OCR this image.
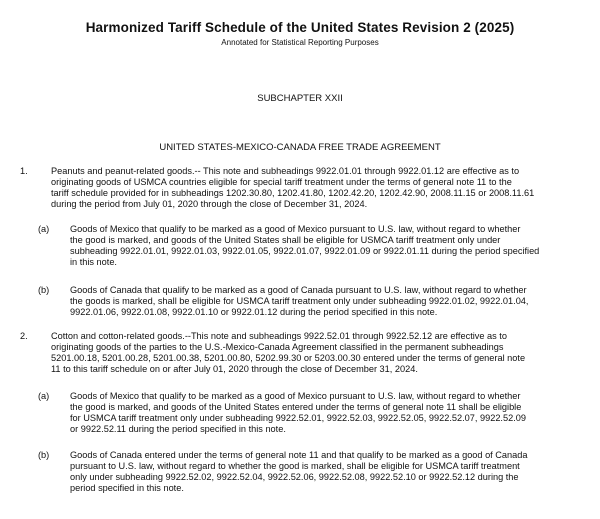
Harmonized Tariff Schedule of the United States Revision 2 (2025)
Annotated for Statistical Reporting Purposes
SUBCHAPTER XXII
UNITED STATES-MEXICO-CANADA FREE TRADE AGREEMENT
1.	Peanuts and peanut-related goods.-- This note and subheadings 9922.01.01 through 9922.01.12 are effective as to
originating goods of USMCA countries eligible for special tariff treatment under the terms of general note 11 to the
tariff schedule provided for in subheadings 1202.30.80, 1202.41.80, 1202.42.20, 1202.42.90, 2008.11.15 or 2008.11.61
during the period from July 01, 2020 through the close of December 31, 2024.
(a) Goods of Mexico that qualify to be marked as a good of Mexico pursuant to U.S. law, without regard to whether
the good is marked, and goods of the United States shall be eligible for USMCA tariff treatment only under
subheading 9922.01.01, 9922.01.03, 9922.01.05, 9922.01.07, 9922.01.09 or 9922.01.11 during the period specified
in this note.
(b) Goods of Canada that qualify to be marked as a good of Canada pursuant to U.S. law, without regard to whether
the goods is marked, shall be eligible for USMCA tariff treatment only under subheading 9922.01.02, 9922.01.04,
9922.01.06, 9922.01.08, 9922.01.10 or 9922.01.12 during the period specified in this note.
2.	Cotton and cotton-related goods.--This note and subheadings 9922.52.01 through 9922.52.12 are effective as to
originating goods of the parties to the U.S.-Mexico-Canada Agreement classified in the permanent subheadings
5201.00.18, 5201.00.28, 5201.00.38, 5201.00.80, 5202.99.30 or 5203.00.30 entered under the terms of general note
11 to this tariff schedule on or after July 01, 2020 through the close of December 31, 2024.
(a) Goods of Mexico that qualify to be marked as a good of Mexico pursuant to U.S. law, without regard to whether
the good is marked, and goods of the United States entered under the terms of general note 11 shall be eligible
for USMCA tariff treatment only under subheading 9922.52.01, 9922.52.03, 9922.52.05, 9922.52.07, 9922.52.09
or 9922.52.11 during the period specified in this note.
(b) Goods of Canada entered under the terms of general note 11 and that qualify to be marked as a good of Canada
pursuant to U.S. law, without regard to whether the good is marked, shall be eligible for USMCA tariff treatment
only under subheading 9922.52.02, 9922.52.04, 9922.52.06, 9922.52.08, 9922.52.10 or 9922.52.12 during the
period specified in this note.
